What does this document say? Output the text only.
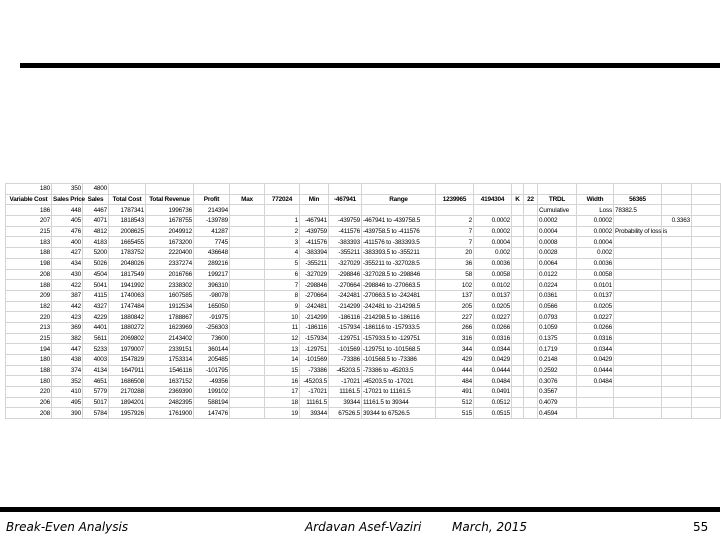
180	350	4800																	
Variable Cost	Sales Price	Sales	Total Cost	Total Revenue	Profit	Max	772024	Min	-467941	Range	1239965	4194304	K	22	TRDL	Width	56365		
186	448	4467	1787341	1996736	214394										Cumulative	Loss	78382.5		
207	405	4071	1818543	1678755	-139789		1	-467941	-439759	-467941 to -439758.5	2	0.0002			0.0002	0.0002		0.3363	
215	476	4812	2008625	2049912	41287		2	-439759	-411576	-439758.5 to -411576	7	0.0002			0.0004	0.0002	Probability of loss is		
183	400	4183	1665455	1673200	7745		3	-411576	-383393	-411576 to -383393.5	7	0.0004			0.0008	0.0004			
188	427	5200	1783752	2220400	436648		4	-383394	-355211	-383393.5 to -355211	20	0.002			0.0028	0.002			
198	434	5026	2048026	2337274	289216		5	-355211	-327029	-355211 to -327028.5	36	0.0036			0.0064	0.0036			
208	430	4504	1817549	2016766	199217		6	-327029	-298846	-327028.5 to -298846	58	0.0058			0.0122	0.0058			
188	422	5041	1941992	2338302	396310		7	-298846	-270664	-298846 to -270663.5	102	0.0102			0.0224	0.0101			
209	387	4115	1740063	1607585	-98078		8	-270664	-242481	-270663.5 to -242481	137	0.0137			0.0361	0.0137			
182	442	4327	1747484	1912534	165050		9	-242481	-214299	-242481 to -214298.5	205	0.0205			0.0566	0.0205			
220	423	4229	1880842	1788867	-91975		10	-214299	-186116	-214298.5 to -186116	227	0.0227			0.0793	0.0227			
213	369	4401	1880272	1623969	-256303		11	-186116	-157934	-186116 to -157933.5	266	0.0266			0.1059	0.0266			
215	382	5611	2069802	2143402	73600		12	-157934	-129751	-157933.5 to -129751	316	0.0316			0.1375	0.0316			
194	447	5233	1979007	2339151	360144		13	-129751	-101569	-129751 to -101568.5	344	0.0344			0.1719	0.0344			
180	438	4003	1547829	1753314	205485		14	-101569	-73386	-101568.5 to -73386	429	0.0429			0.2148	0.0429			
188	374	4134	1647911	1546116	-101795		15	-73386	-45203.5	-73386 to -45203.5	444	0.0444			0.2592	0.0444			
180	352	4651	1686508	1637152	-49356		16	-45203.5	-17021	-45203.5 to -17021	484	0.0484			0.3076	0.0484			
220	410	5779	2170288	2369390	199102		17	-17021	11161.5	-17021 to 11161.5	491	0.0491			0.3567				
206	495	5017	1894201	2482395	588194		18	11161.5	39344	11161.5 to 39344	512	0.0512			0.4079				
208	390	5784	1957926	1761900	147476		19	39344	67526.5	39344 to 67526.5	515	0.0515			0.4594				
Break-Even Analysis	Ardavan Asef-Vaziri	March, 2015	55
